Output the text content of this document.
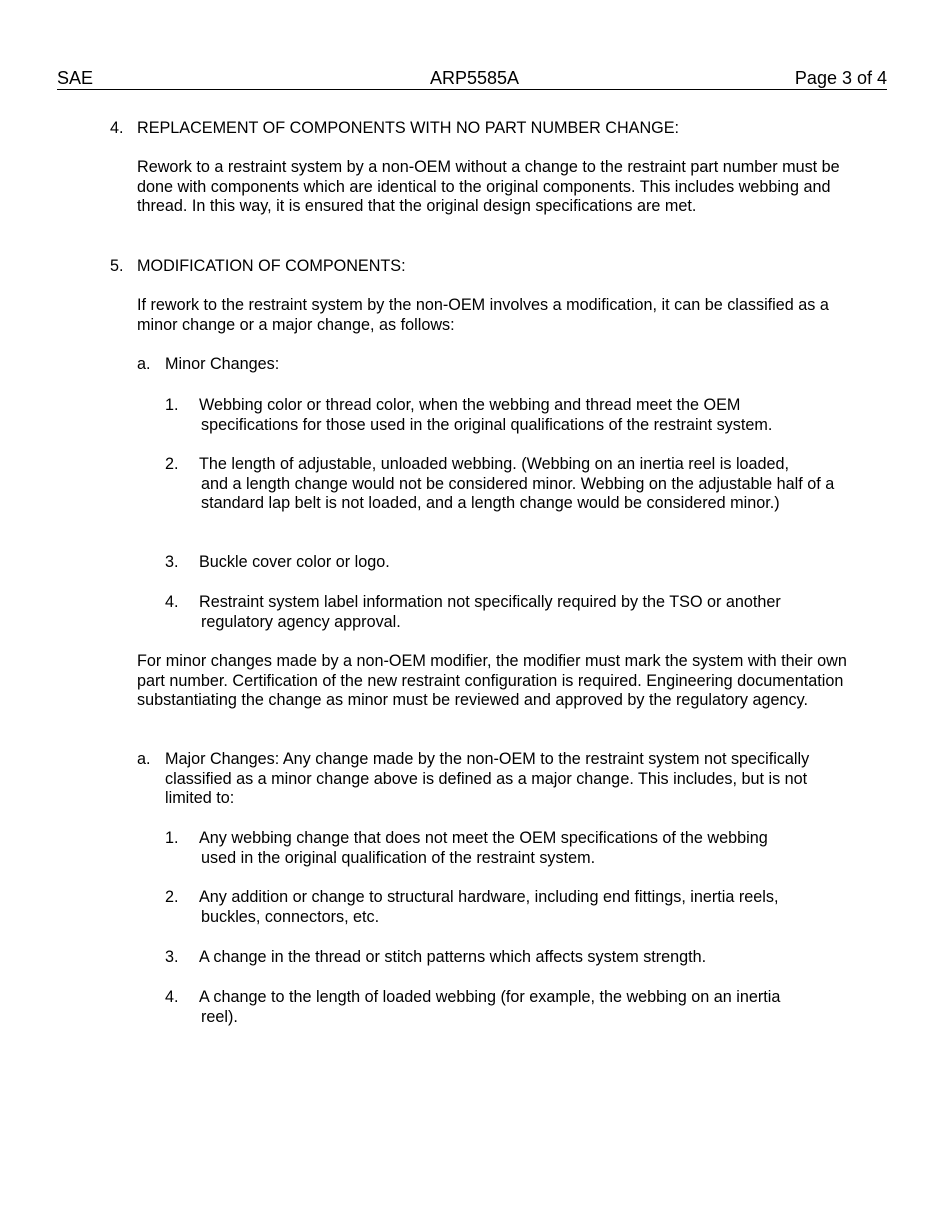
SAE	ARP5585A	Page 3 of 4
4. REPLACEMENT OF COMPONENTS WITH NO PART NUMBER CHANGE:

Rework to a restraint system by a non-OEM without a change to the restraint part number must be done with components which are identical to the original components. This includes webbing and thread. In this way, it is ensured that the original design specifications are met.

5. MODIFICATION OF COMPONENTS:

If rework to the restraint system by the non-OEM involves a modification, it can be classified as a minor change or a major change, as follows:

a. Minor Changes:
1. Webbing color or thread color, when the webbing and thread meet the OEM
specifications for those used in the original qualifications of the restraint system.
2. The length of adjustable, unloaded webbing. (Webbing on an inertia reel is loaded,
and a length change would not be considered minor. Webbing on the adjustable half of a standard lap belt is not loaded, and a length change would be considered minor.)
3. Buckle cover color or logo.
4. Restraint system label information not specifically required by the TSO or another
regulatory agency approval.

For minor changes made by a non-OEM modifier, the modifier must mark the system with their own part number. Certification of the new restraint configuration is required. Engineering documentation substantiating the change as minor must be reviewed and approved by the regulatory agency.

a. Major Changes: Any change made by the non-OEM to the restraint system not specifically classified as a minor change above is defined as a major change. This includes, but is not limited to:
1. Any webbing change that does not meet the OEM specifications of the webbing
used in the original qualification of the restraint system.
2. Any addition or change to structural hardware, including end fittings, inertia reels,
buckles, connectors, etc.
3. A change in the thread or stitch patterns which affects system strength.
4. A change to the length of loaded webbing (for example, the webbing on an inertia
reel).
